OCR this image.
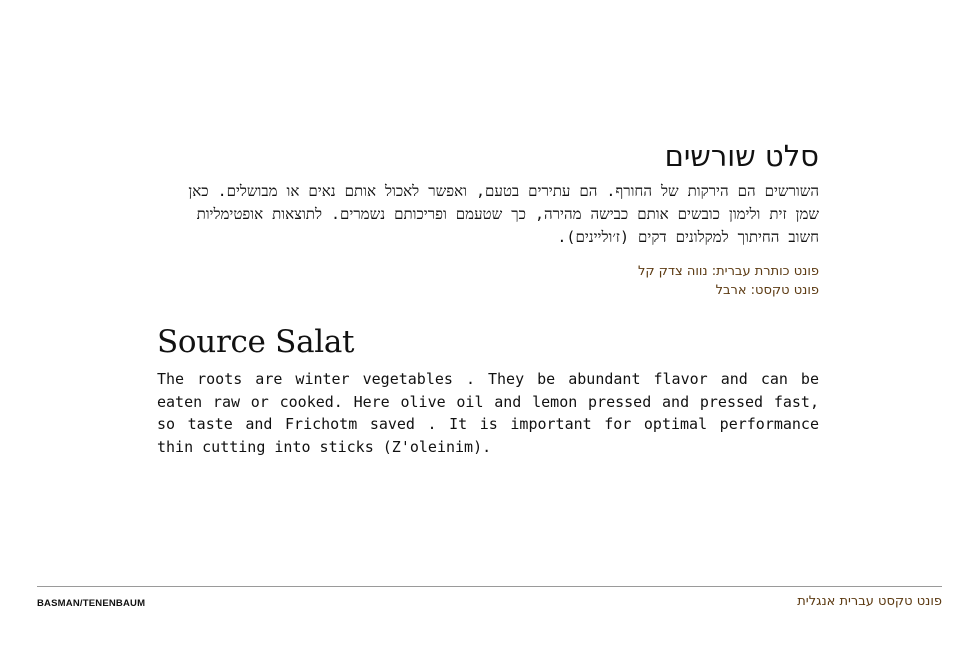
סלט שורשים

השורשים הם הירקות של החורף. הם עתירים בטעם, ואפשר לאכול אותם נאים או מבושלים. כאן שמן זית ולימון כובשים אותם כבישה מהירה, כך שטעמם ופריכותם נשמרים. לתוצאות אופטימליות חשוב החיתוך למקלונים דקים (ז׳וליינים).

פונט כותרת עברית: נווה צדק קל
פונט טקסט: ארבל
Source Salat

The roots are winter vegetables . They be abundant flavor and can be eaten raw or cooked. Here olive oil and lemon pressed and pressed fast, so taste and Frichotm saved . It is important for optimal performance thin cutting into sticks (Z'oleinim).

BASMAN/TENENBAUM	פונט טקסט עברית אנגלית
